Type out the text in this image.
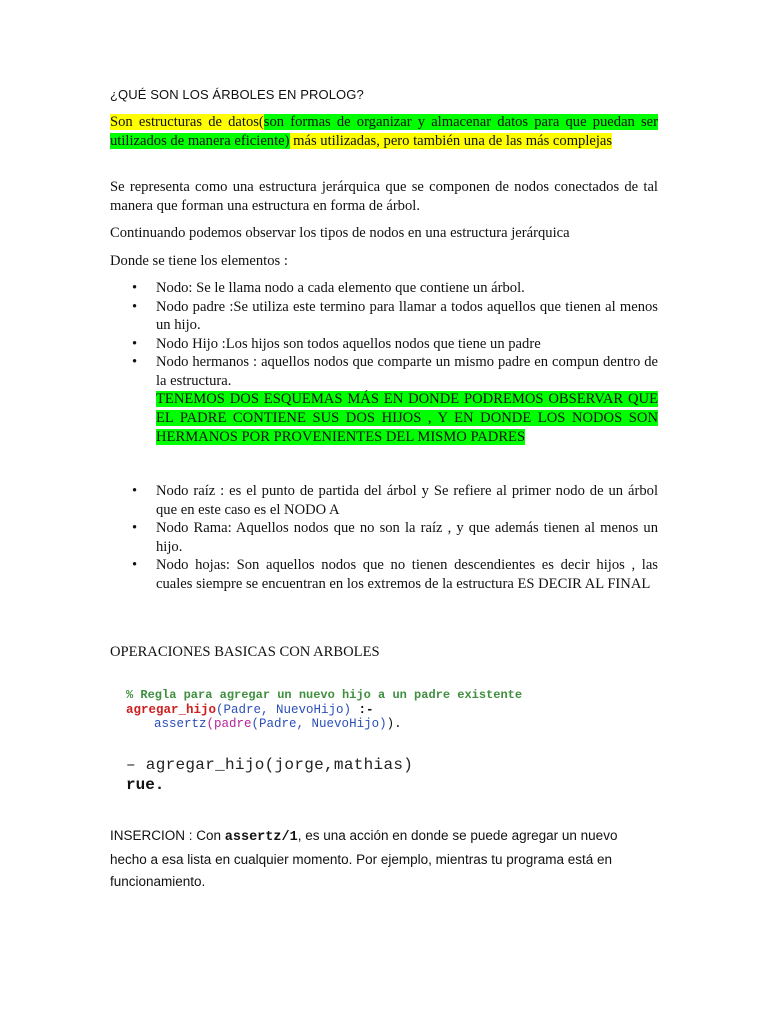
¿QUÉ SON LOS ÁRBOLES EN PROLOG?

Son estructuras de datos(son formas de organizar y almacenar datos para que puedan ser utilizados de manera eficiente) más utilizadas, pero también una de las más complejas

Se representa como una estructura jerárquica que se componen de nodos conectados de tal manera que forman una estructura en forma de árbol.

Continuando podemos observar los tipos de nodos en una estructura jerárquica

Donde se tiene los elementos :

• Nodo: Se le llama nodo a cada elemento que contiene un árbol.
• Nodo padre :Se utiliza este termino para llamar a todos aquellos que tienen al menos un hijo.
• Nodo Hijo :Los hijos son todos aquellos nodos que tiene un padre
• Nodo hermanos : aquellos nodos que comparte un mismo padre en compun dentro de la estructura.
TENEMOS DOS ESQUEMAS MÁS EN DONDE PODREMOS OBSERVAR QUE EL PADRE CONTIENE SUS DOS HIJOS , Y EN DONDE LOS NODOS SON HERMANOS POR PROVENIENTES DEL MISMO PADRES
• Nodo raíz : es el punto de partida del árbol y Se refiere al primer nodo de un árbol que en este caso es el NODO A
• Nodo Rama: Aquellos nodos que no son la raíz , y que además tienen al menos un hijo.
• Nodo hojas: Son aquellos nodos que no tienen descendientes es decir hijos , las cuales siempre se encuentran en los extremos de la estructura ES DECIR AL FINAL
OPERACIONES BASICAS CON ARBOLES
% Regla para agregar un nuevo hijo a un padre existente
agregar_hijo(Padre, NuevoHijo) :-
assertz(padre(Padre, NuevoHijo)).
– agregar_hijo(jorge,mathias)
rue.

INSERCION : Con assertz/1, es una acción en donde se puede agregar un nuevo hecho a esa lista en cualquier momento. Por ejemplo, mientras tu programa está en funcionamiento.
